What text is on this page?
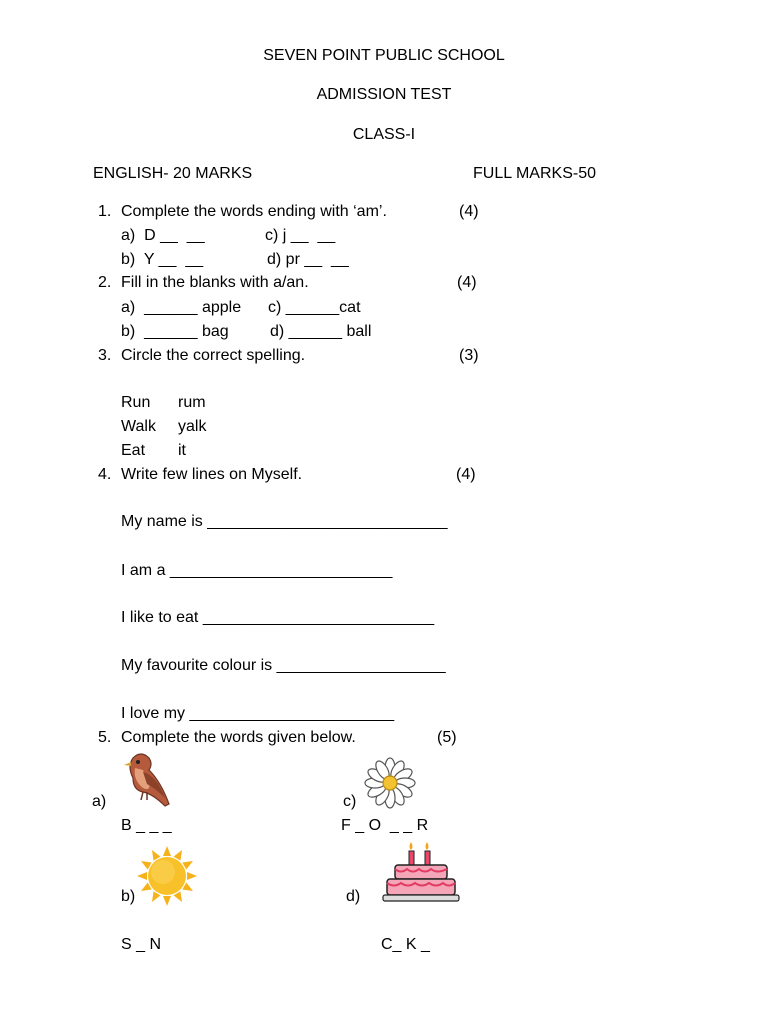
SEVEN POINT PUBLIC SCHOOL
ADMISSION TEST
CLASS-I
ENGLISH- 20 MARKS	FULL MARKS-50
1. Complete the words ending with ‘am’.	(4)
a)  D __  __	c) j __  __
b)  Y __  __	d) pr __  __
2. Fill in the blanks with a/an.	(4)
a)  ______ apple c) ______cat
b)  ______ bag	d) ______ ball
3. Circle the correct spelling.	(3)
Run rum
Walk yalk
Eat it
4. Write few lines on Myself.	(4)
My name is ___________________________
I am a _________________________
I like to eat __________________________
My favourite colour is ___________________
I love my _______________________
5. Complete the words given below.	(5)
a)
B _ _ _
c)
F _ O  _ _ R
b)
S _ N
d)
C_ K _
